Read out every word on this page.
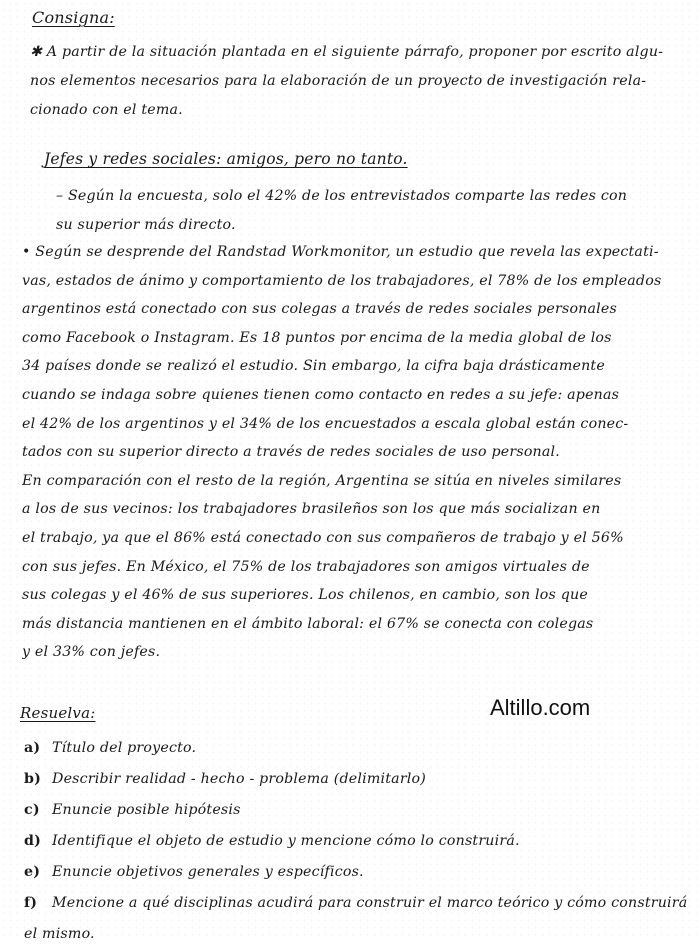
Consigna:
✱ A partir de la situación plantada en el siguiente párrafo, proponer por escrito algu-
nos elementos necesarios para la elaboración de un proyecto de investigación rela-
cionado con el tema.
Jefes y redes sociales: amigos, pero no tanto.
– Según la encuesta, solo el 42% de los entrevistados comparte las redes con
su superior más directo.
• Según se desprende del Randstad Workmonitor, un estudio que revela las expectati-
vas, estados de ánimo y comportamiento de los trabajadores, el 78% de los empleados
argentinos está conectado con sus colegas a través de redes sociales personales
como Facebook o Instagram. Es 18 puntos por encima de la media global de los
34 países donde se realizó el estudio. Sin embargo, la cifra baja drásticamente
cuando se indaga sobre quienes tienen como contacto en redes a su jefe: apenas
el 42% de los argentinos y el 34% de los encuestados a escala global están conec-
tados con su superior directo a través de redes sociales de uso personal.
En comparación con el resto de la región, Argentina se sitúa en niveles similares
a los de sus vecinos: los trabajadores brasileños son los que más socializan en
el trabajo, ya que el 86% está conectado con sus compañeros de trabajo y el 56%
con sus jefes. En México, el 75% de los trabajadores son amigos virtuales de
sus colegas y el 46% de sus superiores. Los chilenos, en cambio, son los que
más distancia mantienen en el ámbito laboral: el 67% se conecta con colegas
y el 33% con jefes.
Altillo.com
Resuelva:
a) Título del proyecto.
b) Describir realidad - hecho - problema (delimitarlo)
c) Enuncie posible hipótesis
d) Identifique el objeto de estudio y mencione cómo lo construirá.
e) Enuncie objetivos generales y específicos.
f) Mencione a qué disciplinas acudirá para construir el marco teórico y cómo construirá
el mismo.
